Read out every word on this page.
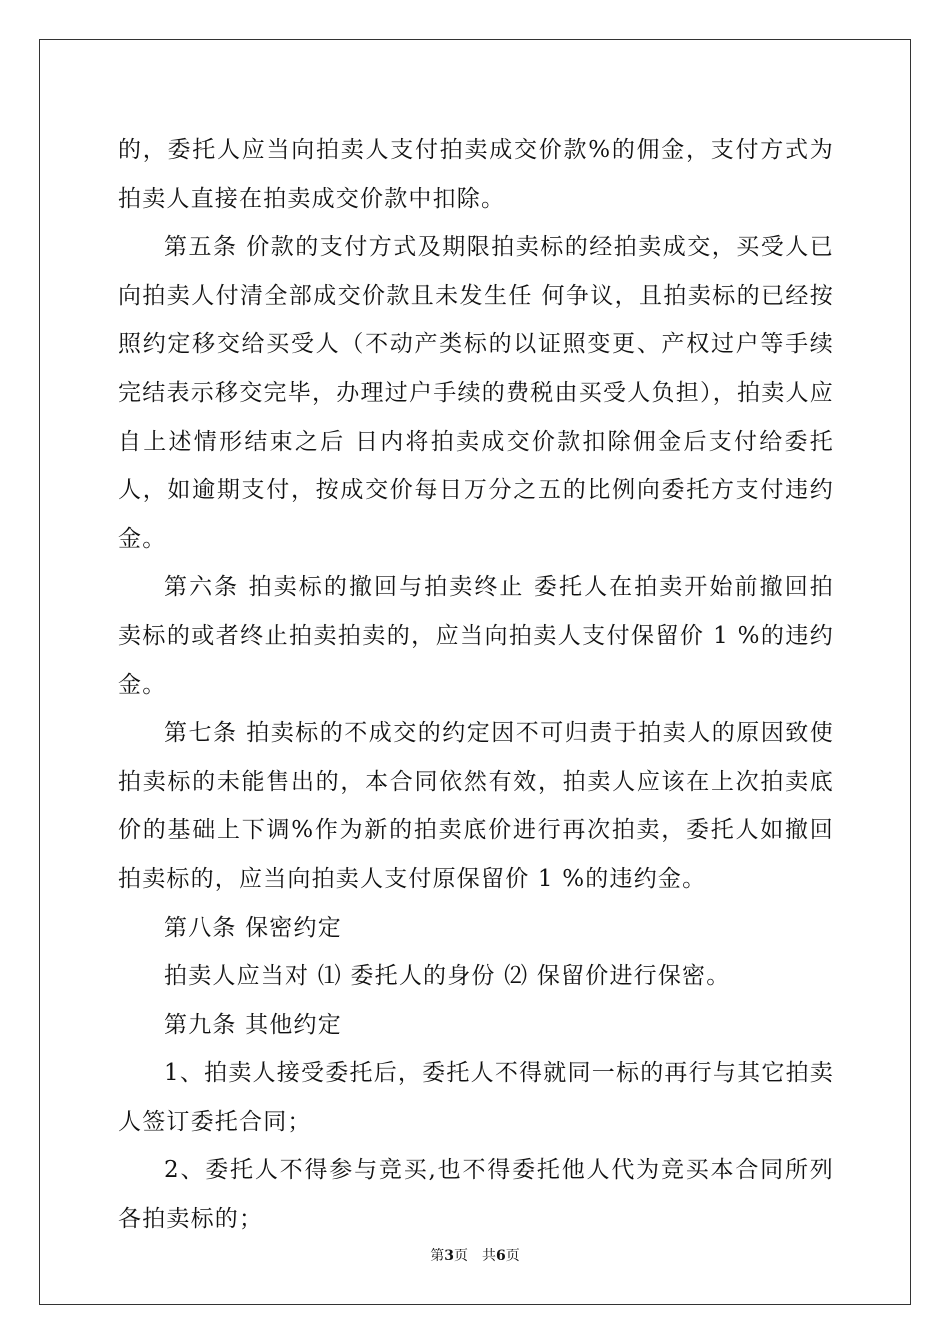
的，委托人应当向拍卖人支付拍卖成交价款%的佣金，支付方式为拍卖人直接在拍卖成交价款中扣除。

第五条 价款的支付方式及期限拍卖标的经拍卖成交，买受人已向拍卖人付清全部成交价款且未发生任 何争议，且拍卖标的已经按照约定移交给买受人（不动产类标的以证照变更、产权过户等手续完结表示移交完毕，办理过户手续的费税由买受人负担），拍卖人应自上述情形结束之后 日内将拍卖成交价款扣除佣金后支付给委托人，如逾期支付，按成交价每日万分之五的比例向委托方支付违约金。

第六条 拍卖标的撤回与拍卖终止 委托人在拍卖开始前撤回拍卖标的或者终止拍卖拍卖的，应当向拍卖人支付保留价 1 %的违约金。

第七条 拍卖标的不成交的约定因不可归责于拍卖人的原因致使拍卖标的未能售出的，本合同依然有效，拍卖人应该在上次拍卖底价的基础上下调%作为新的拍卖底价进行再次拍卖，委托人如撤回拍卖标的，应当向拍卖人支付原保留价 1 %的违约金。

第八条 保密约定

拍卖人应当对 ⑴ 委托人的身份 ⑵ 保留价进行保密。

第九条 其他约定

1、拍卖人接受委托后，委托人不得就同一标的再行与其它拍卖人签订委托合同；

2、委托人不得参与竞买,也不得委托他人代为竞买本合同所列各拍卖标的；

第3页　共6页
